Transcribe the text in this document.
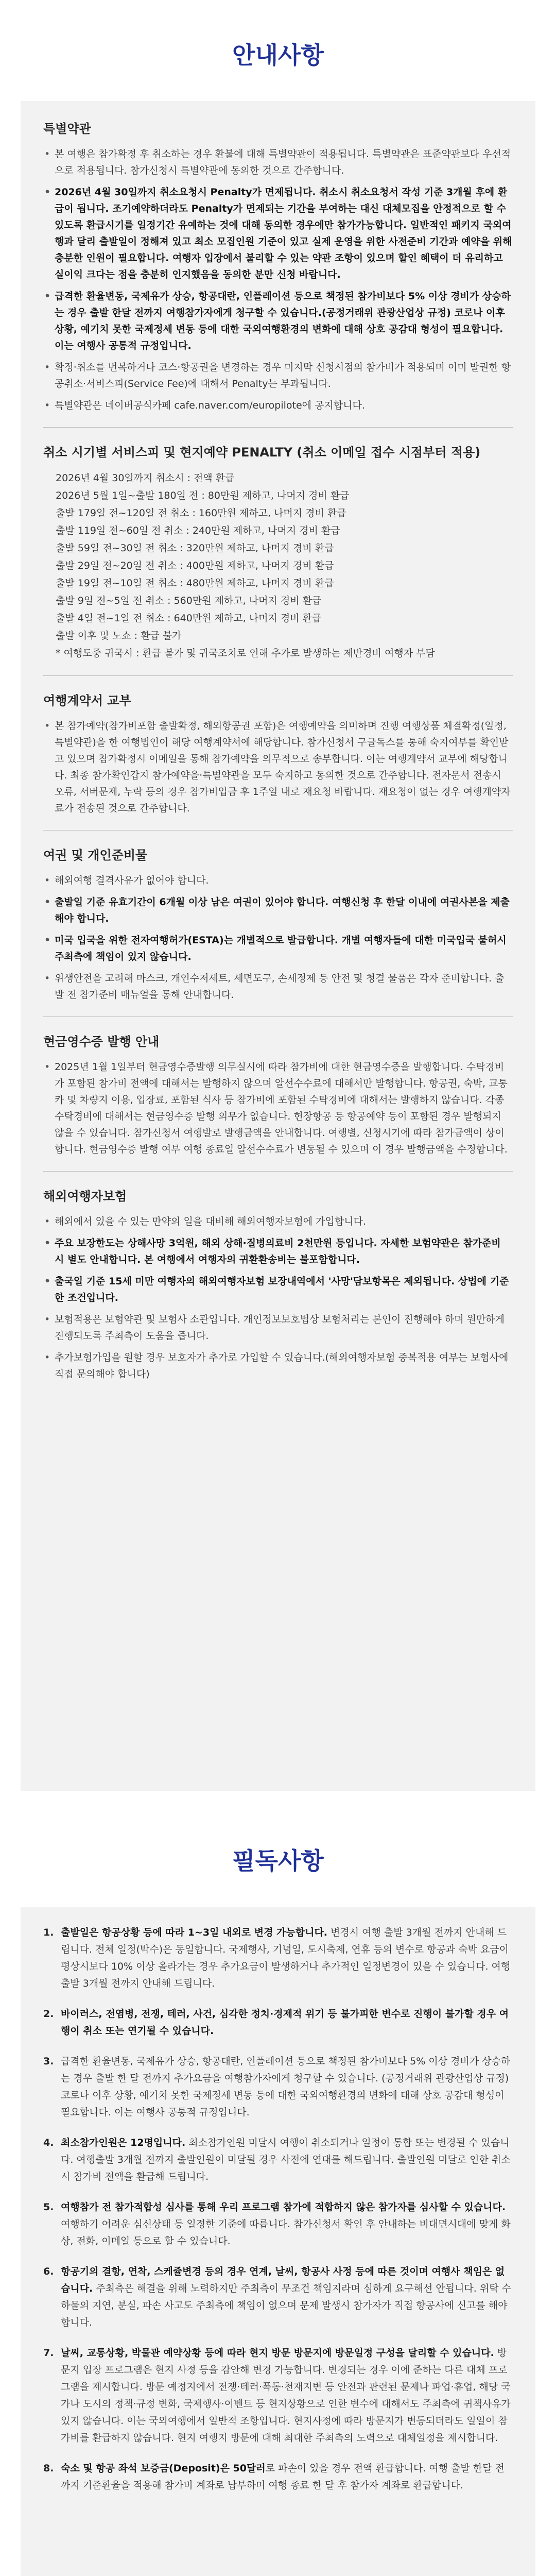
안내사항
특별약관
• 본 여행은 참가확정 후 취소하는 경우 환불에 대해 특별약관이 적용됩니다. 특별약관은 표준약관보다 우선적으로 적용됩니다. 참가신청시 특별약관에 동의한 것으로 간주합니다.
• 2026년 4월 30일까지 취소요청시 Penalty가 면제됩니다. 취소시 취소요청서 작성 기준 3개월 후에 환급이 됩니다. 조기예약하더라도 Penalty가 면제되는 기간을 부여하는 대신 대체모집을 안정적으로 할 수 있도록 환급시기를 일정기간 유예하는 것에 대해 동의한 경우에만 참가가능합니다. 일반적인 패키지 국외여행과 달리 출발일이 정해져 있고 최소 모집인원 기준이 있고 실제 운영을 위한 사전준비 기간과 예약을 위해 충분한 인원이 필요합니다. 여행자 입장에서 불리할 수 있는 약관 조항이 있으며 할인 혜택이 더 유리하고 실이익 크다는 점을 충분히 인지했음을 동의한 분만 신청 바랍니다.
• 급격한 환율변동, 국제유가 상승, 항공대란, 인플레이션 등으로 책정된 참가비보다 5% 이상 경비가 상승하는 경우 출발 한달 전까지 여행참가자에게 청구할 수 있습니다.(공정거래위 관광산업상 규정) 코로나 이후 상황, 예기치 못한 국제정세 변동 등에 대한 국외여행환경의 변화에 대해 상호 공감대 형성이 필요합니다. 이는 여행사 공통적 규정입니다.
• 확정·취소를 번복하거나 코스·항공권을 변경하는 경우 미지막 신청시점의 참가비가 적용되며 이미 발권한 항공취소·서비스피(Service Fee)에 대해서 Penalty는 부과됩니다.
• 특별약관은 네이버공식카페 cafe.naver.com/europilote에 공지합니다.
취소 시기별 서비스피 및 현지예약 PENALTY (취소 이메일 접수 시점부터 적용)
2026년 4월 30일까지 취소시 : 전액 환급
2026년 5월 1일~출발 180일 전 : 80만원 제하고, 나머지 경비 환급
출발 179일 전~120일 전 취소 : 160만원 제하고, 나머지 경비 환급
출발 119일 전~60일 전 취소 : 240만원 제하고, 나머지 경비 환급
출발 59일 전~30일 전 취소 : 320만원 제하고, 나머지 경비 환급
출발 29일 전~20일 전 취소 : 400만원 제하고, 나머지 경비 환급
출발 19일 전~10일 전 취소 : 480만원 제하고, 나머지 경비 환급
출발 9일 전~5일 전 취소 : 560만원 제하고, 나머지 경비 환급
출발 4일 전~1일 전 취소 : 640만원 제하고, 나머지 경비 환급
출발 이후 및 노쇼 : 환급 불가
* 여행도중 귀국시 : 환급 불가 및 귀국조치로 인해 추가로 발생하는 제반경비 여행자 부담
여행계약서 교부
• 본 참가예약(참가비포함 출발확정, 해외항공권 포함)은 여행예약을 의미하며 진행 여행상품 체결확정(일정, 특별약관)을 한 여행법인이 해당 여행계약서에 해당합니다. 참가신청서 구글독스를 통해 숙지여부를 확인받고 있으며 참가확정시 이메일을 통해 참가예약을 의무적으로 송부합니다. 이는 여행계약서 교부에 해당합니다. 최종 참가확인갑지 참가예약을·특별약관을 모두 숙지하고 동의한 것으로 간주합니다. 전자문서 전송시 오류, 서버문제, 누락 등의 경우 참가비입금 후 1주일 내로 재요청 바랍니다. 재요청이 없는 경우 여행계약자료가 전송된 것으로 간주합니다.
여권 및 개인준비물
• 해외여행 결격사유가 없어야 합니다.
• 출발일 기준 유효기간이 6개월 이상 남은 여권이 있어야 합니다. 여행신청 후 한달 이내에 여권사본을 제출해야 합니다.
• 미국 입국을 위한 전자여행허가(ESTA)는 개별적으로 발급합니다. 개별 여행자들에 대한 미국입국 불허시 주최측에 책임이 있지 않습니다.
• 위생안전을 고려해 마스크, 개인수저세트, 세면도구, 손세정제 등 안전 및 청결 물품은 각자 준비합니다. 출발 전 참가준비 매뉴얼을 통해 안내합니다.
현금영수증 발행 안내
• 2025년 1월 1일부터 현금영수증발행 의무실시에 따라 참가비에 대한 현금영수증을 발행합니다. 수탁경비가 포함된 참가비 전액에 대해서는 발행하지 않으며 알선수수료에 대해서만 발행합니다. 항공권, 숙박, 교통카 및 차량지 이용, 입장료, 포함된 식사 등 참가비에 포함된 수탁경비에 대해서는 발행하지 않습니다. 각종 수탁경비에 대해서는 현금영수증 발행 의무가 없습니다. 헌장항공 등 항공예약 등이 포함된 경우 발행되지 않을 수 있습니다. 참가신청서 여행발로 발행금액을 안내합니다. 여행별, 신청시기에 따라 참가금액이 상이합니다. 현금영수증 발행 여부 여행 종료일 알선수수료가 변동될 수 있으며 이 경우 발행금액을 수정합니다.
해외여행자보험
• 해외에서 있을 수 있는 만약의 일을 대비해 해외여행자보험에 가입합니다.
• 주요 보장한도는 상해사망 3억원, 해외 상해·질병의료비 2천만원 등입니다. 자세한 보험약관은 참가준비 시 별도 안내합니다. 본 여행에서 여행자의 귀환환송비는 불포함합니다.
• 출국일 기준 15세 미만 여행자의 해외여행자보험 보장내역에서 '사망'담보항목은 제외됩니다. 상법에 기준한 조건입니다.
• 보험적용은 보험약관 및 보험사 소관입니다. 개인정보보호법상 보험처리는 본인이 진행해야 하며 원만하게 진행되도록 주최측이 도움을 줍니다.
• 추가보험가입을 원할 경우 보호자가 추가로 가입할 수 있습니다.(해외여행자보험 중복적용 여부는 보험사에 직접 문의해야 합니다)
필독사항
1. 출발일은 항공상황 등에 따라 1~3일 내외로 변경 가능합니다. 변경시 여행 출발 3개월 전까지 안내해 드립니다. 전체 일정(박수)은 동일합니다. 국제행사, 기념일, 도시축제, 연휴 등의 변수로 항공과 숙박 요금이 평상시보다 10% 이상 올라가는 경우 추가요금이 발생하거나 추가적인 일정변경이 있을 수 있습니다. 여행출발 3개월 전까지 안내해 드립니다.
2. 바이러스, 전염병, 전쟁, 테러, 사건, 심각한 정치·경제적 위기 등 불가피한 변수로 진행이 불가할 경우 여행이 취소 또는 연기될 수 있습니다.
3. 급격한 환율변동, 국제유가 상승, 항공대란, 인플레이션 등으로 책정된 참가비보다 5% 이상 경비가 상승하는 경우 출발 한 달 전까지 추가요금을 여행참가자에게 청구할 수 있습니다. (공정거래위 관광산업상 규정) 코로나 이후 상황, 예기치 못한 국제정세 변동 등에 대한 국외여행환경의 변화에 대해 상호 공감대 형성이 필요합니다. 이는 여행사 공통적 규정입니다.
4. 최소참가인원은 12명입니다. 최소참가인원 미달시 여행이 취소되거나 일정이 통합 또는 변경될 수 있습니다. 여행출발 3개월 전까지 출발인원이 미달될 경우 사전에 연대를 해드립니다. 출발인원 미달로 인한 취소시 참가비 전액을 환급해 드립니다.
5. 여행참가 전 참가적합성 심사를 통해 우리 프로그램 참가에 적합하지 않은 참가자를 심사할 수 있습니다. 여행하기 어려운 심신상태 등 일정한 기준에 따릅니다. 참가신청서 확인 후 안내하는 비대면시대에 맞게 화상, 전화, 이메일 등으로 할 수 있습니다.
6. 항공기의 결항, 연착, 스케쥴변경 등의 경우 연계, 날씨, 항공사 사정 등에 따른 것이며 여행사 책임은 없습니다. 주최측은 해결을 위해 노력하지만 주최측이 무조건 책임지라며 심하게 요구해선 안됩니다. 위탁 수하물의 지연, 분실, 파손 사고도 주최측에 책임이 없으며 문제 발생시 참가자가 직접 항공사에 신고를 해야합니다.
7. 날씨, 교통상황, 박물관 예약상황 등에 따라 현지 방문 방문지에 방문일정 구성을 달리할 수 있습니다. 방문지 입장 프로그램은 현지 사정 등을 감안해 변경 가능합니다. 변경되는 경우 이에 준하는 다른 대체 프로그램을 제시합니다. 방문 예정지에서 전쟁·테러·폭동·천재지변 등 안전과 관련된 문제나 파업·휴업, 해당 국가나 도시의 정책·규정 변화, 국제행사·이벤트 등 현지상황으로 인한 변수에 대해서도 주최측에 귀책사유가 있지 않습니다. 이는 국외여행에서 일반적 조항입니다. 현지사정에 따라 방문지가 변동되더라도 일일이 참가비를 환급하지 않습니다. 현지 여행지 방문에 대해 최대한 주최측의 노력으로 대체일정을 제시합니다.
8. 숙소 및 항공 좌석 보증금(Deposit)은 50달러로 파손이 있을 경우 전액 환급합니다. 여행 출발 한달 전까지 기준환율을 적용해 참가비 계좌로 납부하며 여행 종료 한 달 후 참가자 계좌로 환급합니다.
